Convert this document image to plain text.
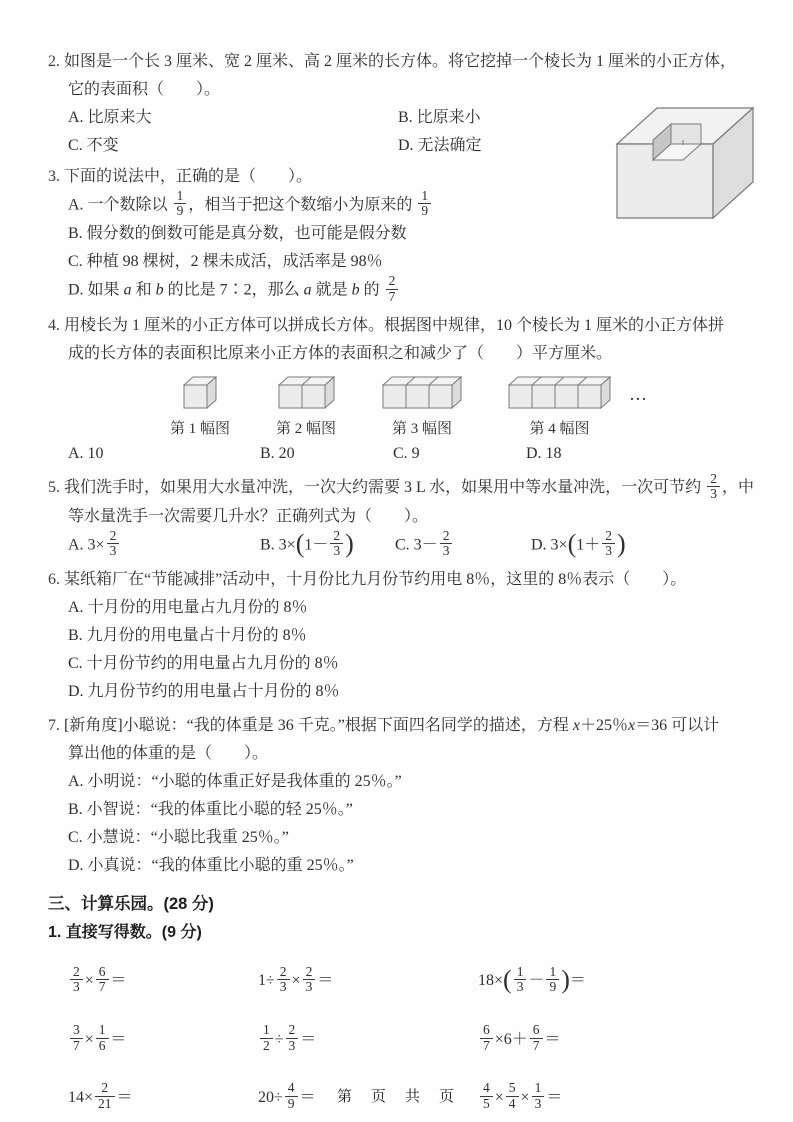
2. 如图是一个长 3 厘米、宽 2 厘米、高 2 厘米的长方体。将它挖掉一个棱长为 1 厘米的小正方体，
它的表面积（　　）。
A. 比原来大	B. 比原来小
C. 不变	D. 无法确定
3. 下面的说法中，正确的是（　　）。
A. 一个数除以 $\frac{1}{9}$ ，相当于把这个数缩小为原来的 $\frac{1}{9}$
B. 假分数的倒数可能是真分数，也可能是假分数
C. 种植 98 棵树，2 棵未成活，成活率是 98％
D. 如果 a 和 b 的比是 7∶2，那么 a 就是 b 的 $\frac{2}{7}$
4. 用棱长为 1 厘米的小正方体可以拼成长方体。根据图中规律，10 个棱长为 1 厘米的小正方体拼
成的长方体的表面积比原来小正方体的表面积之和减少了（　　）平方厘米。
第 1 幅图	第 2 幅图	第 3 幅图	第 4 幅图
…
A. 10	B. 20	C. 9	D. 18
5. 我们洗手时，如果用大水量冲洗，一次大约需要 3 L 水，如果用中等水量冲洗，一次可节约 $\frac{2}{3}$ ，中
等水量洗手一次需要几升水？正确列式为（　　）。
A. $3\times \frac{2}{3}$	B. $3\times(1- \frac{2}{3}$ )	C. $3- \frac{2}{3}$	D. $3\times(1+ \frac{2}{3}$ )
6. 某纸箱厂在“节能减排”活动中，十月份比九月份节约用电 8％，这里的 8％表示（　　）。
A. 十月份的用电量占九月份的 8％
B. 九月份的用电量占十月份的 8％
C. 十月份节约的用电量占九月份的 8％
D. 九月份节约的用电量占十月份的 8％
7. [新角度]小聪说：“我的体重是 36 千克。”根据下面四名同学的描述，方程 x＋25％x＝36 可以计
算出他的体重的是（　　）。
A. 小明说：“小聪的体重正好是我体重的 25％。”
B. 小智说：“我的体重比小聪的轻 25％。”
C. 小慧说：“小聪比我重 25％。”
D. 小真说：“我的体重比小聪的重 25％。”
三、计算乐园。(28 分)
1. 直接写得数。(9 分)
$\frac{2}{3} \times \frac{6}{7}$ ＝	$1\div \frac{2}{3} \times \frac{2}{3}$ ＝	$18\times( \frac{1}{3} - \frac{1}{9}$ )＝
$\frac{3}{7} \times \frac{1}{6}$ ＝	$\frac{1}{2} \div \frac{2}{3}$ ＝	$\frac{6}{7} \times 6+ \frac{6}{7}$ ＝
$14\times \frac{2}{21}$ ＝	$20\div \frac{4}{9}$ ＝	$\frac{4}{5} \times \frac{5}{4} \times \frac{1}{3}$ ＝
第　页　共　页
